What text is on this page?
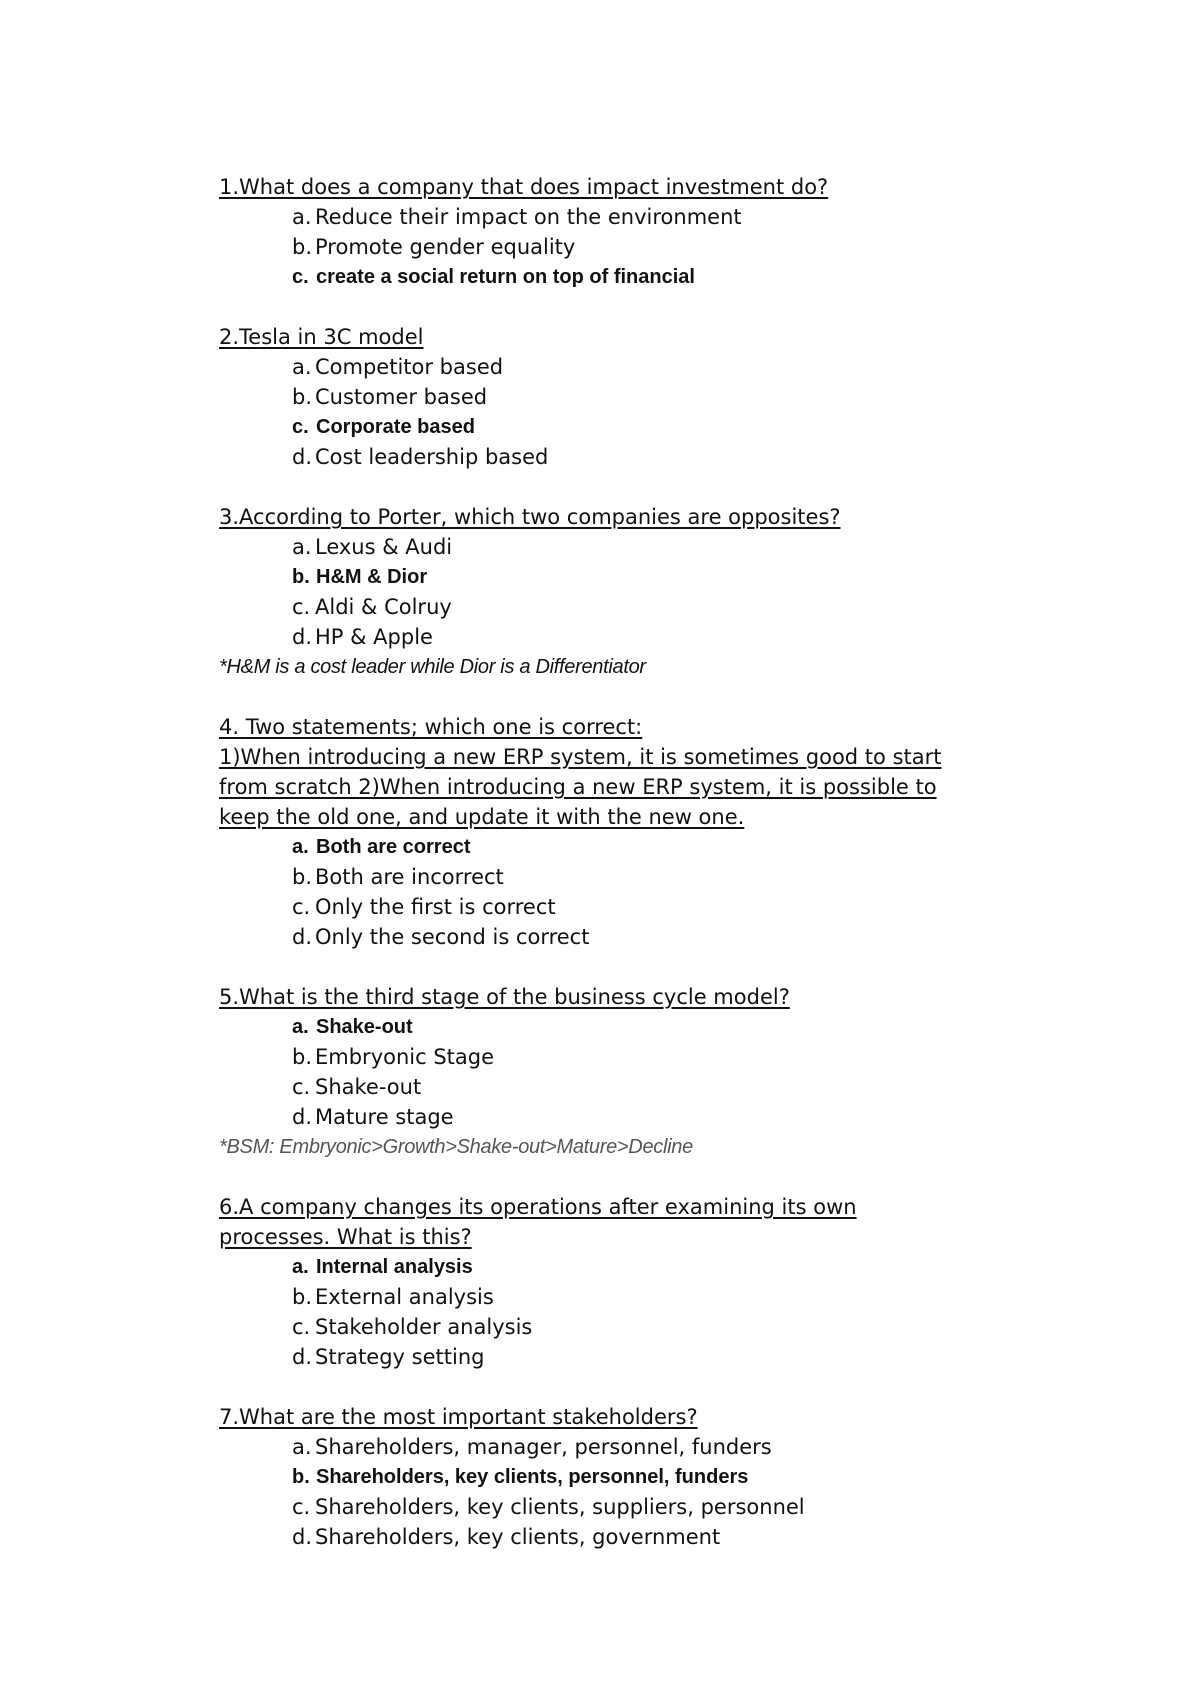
1.What does a company that does impact investment do?

a. Reduce their impact on the environment
b. Promote gender equality
c. create a social return on top of financial

2.Tesla in 3C model

a. Competitor based
b. Customer based
c. Corporate based
d. Cost leadership based

3.According to Porter, which two companies are opposites?

a. Lexus & Audi
b. H&M & Dior
c. Aldi & Colruy
d. HP & Apple

*H&M is a cost leader while Dior is a Differentiator

4. Two statements; which one is correct:

1)When introducing a new ERP system, it is sometimes good to start

from scratch 2)When introducing a new ERP system, it is possible to

keep the old one, and update it with the new one.

a. Both are correct
b. Both are incorrect
c. Only the first is correct
d. Only the second is correct

5.What is the third stage of the business cycle model?

a. Shake-out
b. Embryonic Stage
c. Shake-out
d. Mature stage

*BSM: Embryonic>Growth>Shake-out>Mature>Decline

6.A company changes its operations after examining its own

processes. What is this?

a. Internal analysis
b. External analysis
c. Stakeholder analysis
d. Strategy setting

7.What are the most important stakeholders?

a. Shareholders, manager, personnel, funders
b. Shareholders, key clients, personnel, funders
c. Shareholders, key clients, suppliers, personnel
d. Shareholders, key clients, government
